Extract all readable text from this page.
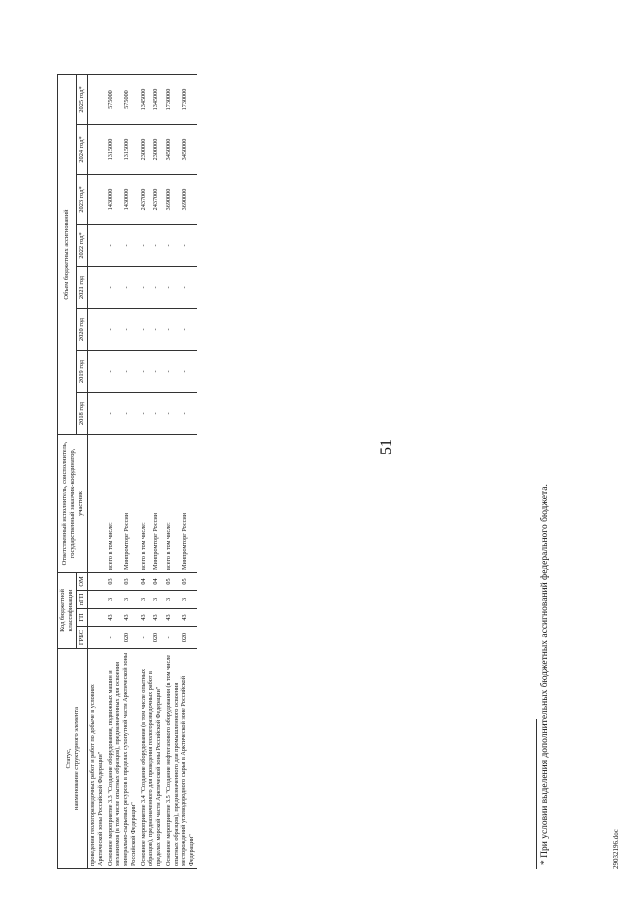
51
Статус, наименование структурного элемента	Код бюджетной классификации				Ответственный исполнитель, соисполнитель, государственный заказчик-координатор, участник	Объем бюджетных ассигнований							
	ГРБС	ГП	пГП	ОМ		2018 год	2019 год	2020 год	2021 год	2022 год*	2023 год*	2024 год*	2025 год*
проведения геологоразведочных работ и работ по добыче в условиях Арктической зоны Российской Федерации"													
Основное мероприятие 3.3 "Создание оборудования, подвижных машин и механизмов (в том числе опытных образцов), предназначенных для освоения минерально-сырьевых ресурсов в пределах сухопутной части Арктической зоны Российской Федерации"	-	43	3	03	всего в том числе:	-	-	-	-	-	1430000	1315000	575000
	020	43	3	03	Минпромторг России	-	-	-	-	-	1430000	1315000	575000
Основное мероприятие 3.4 "Создание оборудования (в том числе опытных образцов), предназначенного для проведения геологоразведочных работ в пределах морской части Арктической зоны Российской Федерации"	-	43	3	04	всего в том числе:	-	-	-	-	-	2437000	2300000	1345000
	020	43	3	04	Минпромторг России	-	-	-	-	-	2437000	2300000	1345000
Основное мероприятие 3.5 "Создание нефтегазового оборудования (в том числе опытных образцов), предназначенного для промышленного освоения месторождений углеводородного сырья в Арктической зоне Российской Федерации"	-	43	3	05	всего в том числе:	-	-	-	-	-	3690000	3450000	1730000
	020	43	3	05	Минпромторг России	-	-	-	-	-	3690000	3450000	1730000
* При условии выделения дополнительных бюджетных ассигнований федерального бюджета.	29032196.doc
